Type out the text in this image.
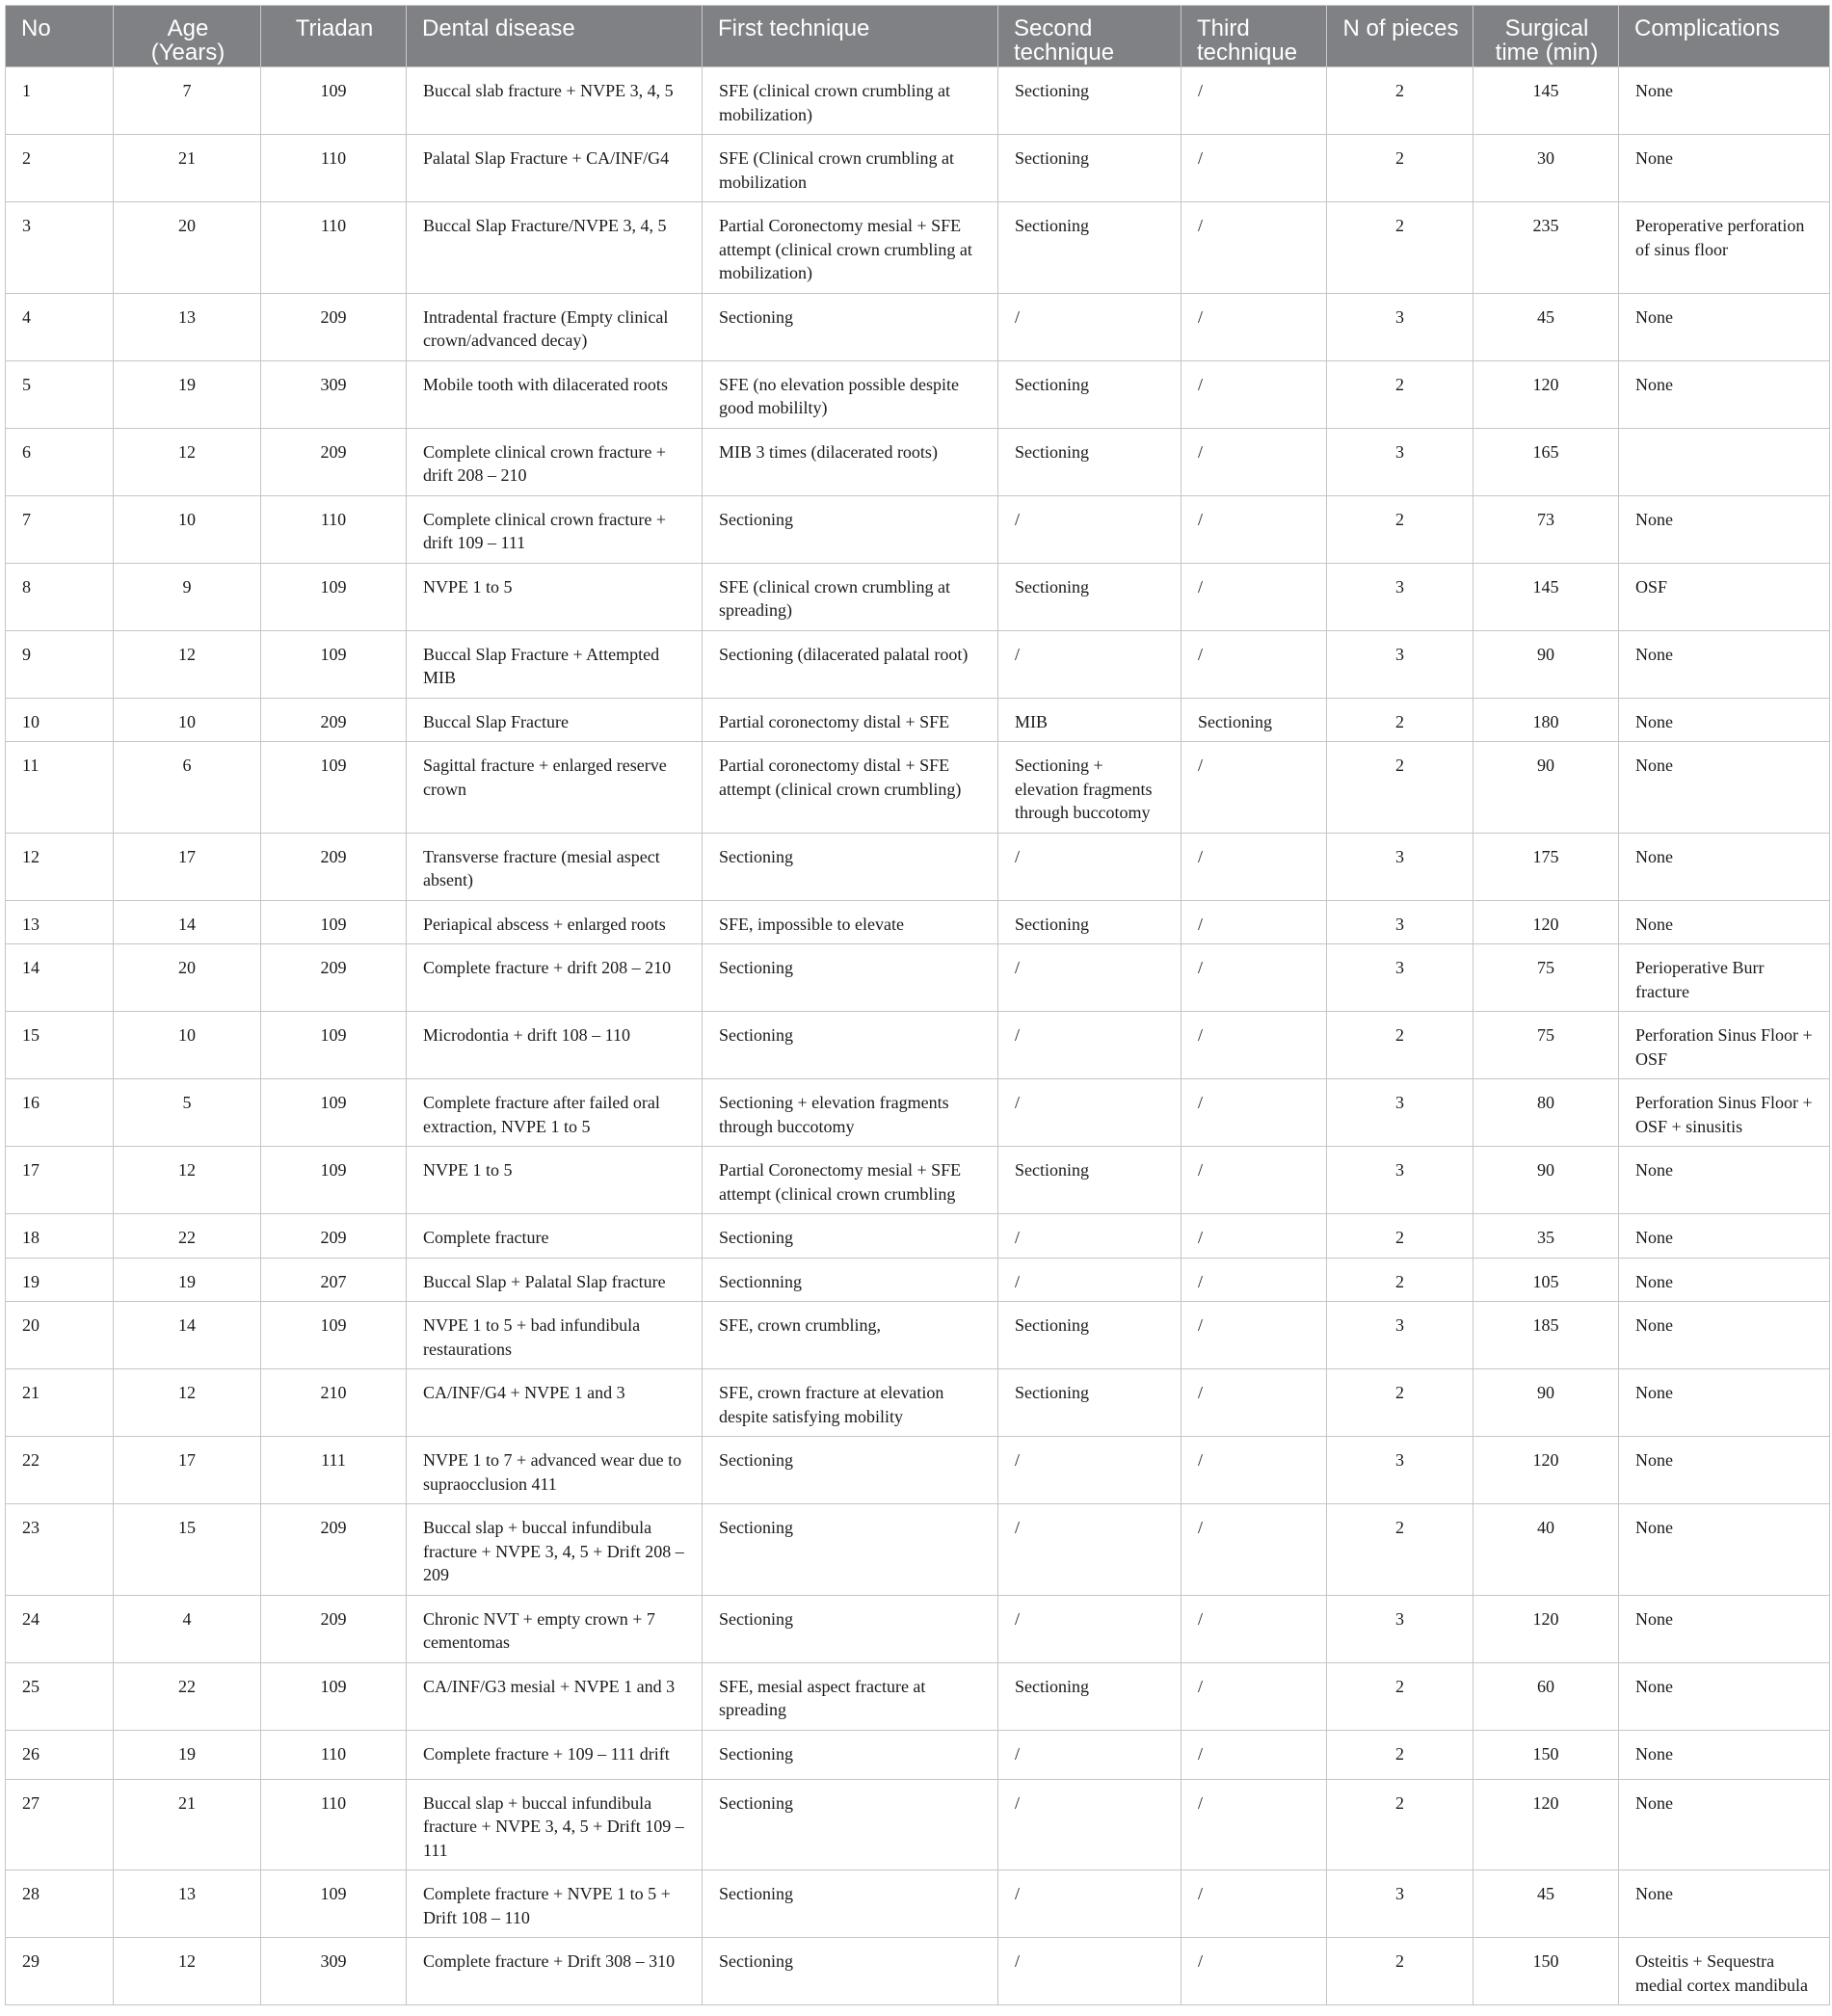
No	Age (Years)	Triadan	Dental disease	First technique	Second technique	Third technique	N of pieces	Surgical time (min)	Complications
1	7	109	Buccal slab fracture + NVPE 3, 4, 5	SFE (clinical crown crumbling at mobilization)	Sectioning	/	2	145	None
2	21	110	Palatal Slap Fracture + CA/INF/G4	SFE (Clinical crown crumbling at mobilization	Sectioning	/	2	30	None
3	20	110	Buccal Slap Fracture/NVPE 3, 4, 5	Partial Coronectomy mesial + SFE attempt (clinical crown crumbling at mobilization)	Sectioning	/	2	235	Peroperative perforation of sinus floor
4	13	209	Intradental fracture (Empty clinical crown/advanced decay)	Sectioning	/	/	3	45	None
5	19	309	Mobile tooth with dilacerated roots	SFE (no elevation possible despite good mobililty)	Sectioning	/	2	120	None
6	12	209	Complete clinical crown fracture + drift 208 – 210	MIB 3 times (dilacerated roots)	Sectioning	/	3	165	
7	10	110	Complete clinical crown fracture + drift 109 – 111	Sectioning	/	/	2	73	None
8	9	109	NVPE 1 to 5	SFE (clinical crown crumbling at spreading)	Sectioning	/	3	145	OSF
9	12	109	Buccal Slap Fracture + Attempted MIB	Sectioning (dilacerated palatal root)	/	/	3	90	None
10	10	209	Buccal Slap Fracture	Partial coronectomy distal + SFE	MIB	Sectioning	2	180	None
11	6	109	Sagittal fracture + enlarged reserve crown	Partial coronectomy distal + SFE attempt (clinical crown crumbling)	Sectioning + elevation fragments through buccotomy	/	2	90	None
12	17	209	Transverse fracture (mesial aspect absent)	Sectioning	/	/	3	175	None
13	14	109	Periapical abscess + enlarged roots	SFE, impossible to elevate	Sectioning	/	3	120	None
14	20	209	Complete fracture + drift 208 – 210	Sectioning	/	/	3	75	Perioperative Burr fracture
15	10	109	Microdontia + drift 108 – 110	Sectioning	/	/	2	75	Perforation Sinus Floor + OSF
16	5	109	Complete fracture after failed oral extraction, NVPE 1 to 5	Sectioning + elevation fragments through buccotomy	/	/	3	80	Perforation Sinus Floor + OSF + sinusitis
17	12	109	NVPE 1 to 5	Partial Coronectomy mesial + SFE attempt (clinical crown crumbling	Sectioning	/	3	90	None
18	22	209	Complete fracture	Sectioning	/	/	2	35	None
19	19	207	Buccal Slap + Palatal Slap fracture	Sectionning	/	/	2	105	None
20	14	109	NVPE 1 to 5 + bad infundibula restaurations	SFE, crown crumbling,	Sectioning	/	3	185	None
21	12	210	CA/INF/G4 + NVPE 1 and 3	SFE, crown fracture at elevation despite satisfying mobility	Sectioning	/	2	90	None
22	17	111	NVPE 1 to 7 + advanced wear due to supraocclusion 411	Sectioning	/	/	3	120	None
23	15	209	Buccal slap + buccal infundibula fracture + NVPE 3, 4, 5 + Drift 208 – 209	Sectioning	/	/	2	40	None
24	4	209	Chronic NVT + empty crown + 7 cementomas	Sectioning	/	/	3	120	None
25	22	109	CA/INF/G3 mesial + NVPE 1 and 3	SFE, mesial aspect fracture at spreading	Sectioning	/	2	60	None
26	19	110	Complete fracture + 109 – 111 drift	Sectioning	/	/	2	150	None
27	21	110	Buccal slap + buccal infundibula fracture + NVPE 3, 4, 5 + Drift 109 – 111	Sectioning	/	/	2	120	None
28	13	109	Complete fracture + NVPE 1 to 5 + Drift 108 – 110	Sectioning	/	/	3	45	None
29	12	309	Complete fracture + Drift 308 – 310	Sectioning	/	/	2	150	Osteitis + Sequestra medial cortex mandibula
